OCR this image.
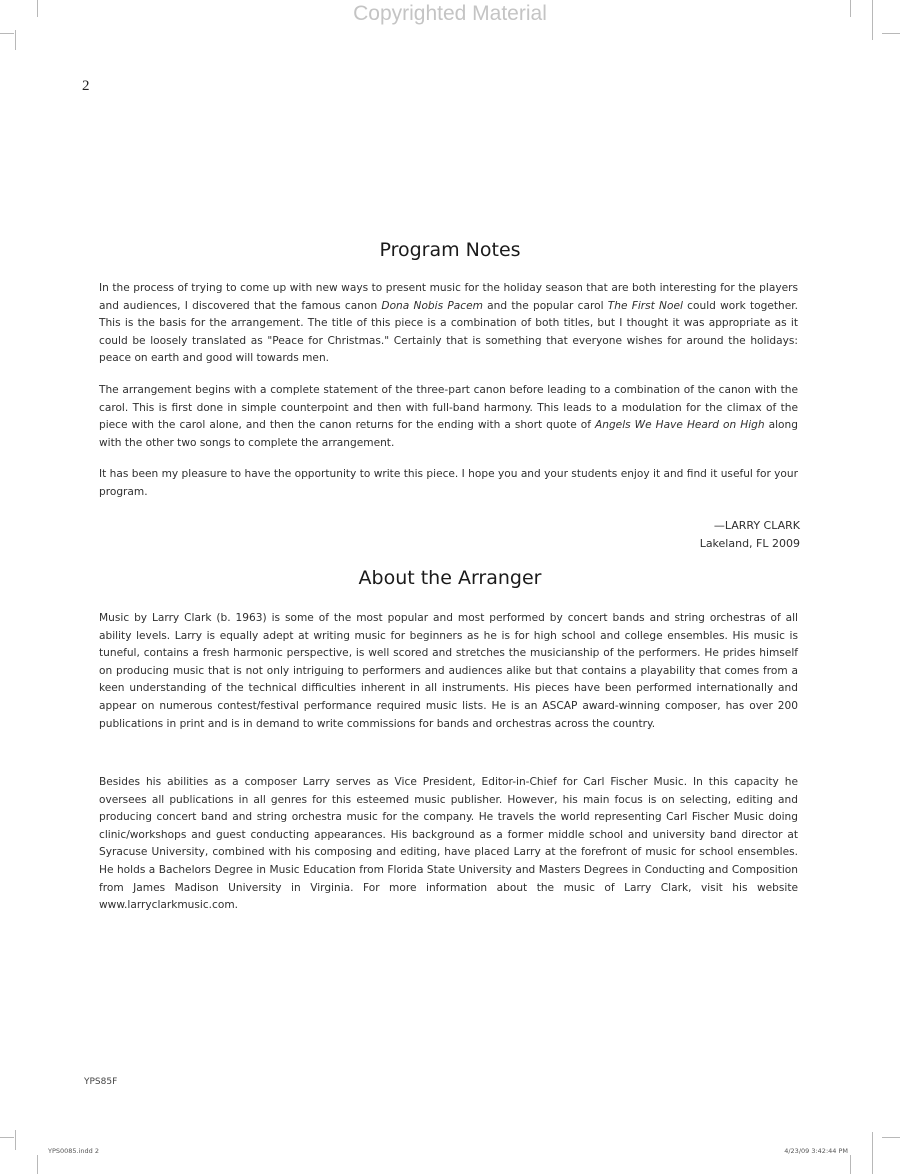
Copyrighted Material
2
Program Notes

In the process of trying to come up with new ways to present music for the holiday season that are both interesting for the players and audiences, I discovered that the famous canon Dona Nobis Pacem and the popular carol The First Noel could work together. This is the basis for the arrangement. The title of this piece is a combination of both titles, but I thought it was appropriate as it could be loosely translated as "Peace for Christmas." Certainly that is something that everyone wishes for around the holidays: peace on earth and good will towards men.

The arrangement begins with a complete statement of the three-part canon before leading to a combination of the canon with the carol. This is first done in simple counterpoint and then with full-band harmony. This leads to a modulation for the climax of the piece with the carol alone, and then the canon returns for the ending with a short quote of Angels We Have Heard on High along with the other two songs to complete the arrangement.

It has been my pleasure to have the opportunity to write this piece. I hope you and your students enjoy it and find it useful for your program.

—LARRY CLARK
Lakeland, FL 2009
About the Arranger

Music by Larry Clark (b. 1963) is some of the most popular and most performed by concert bands and string orchestras of all ability levels. Larry is equally adept at writing music for beginners as he is for high school and college ensembles. His music is tuneful, contains a fresh harmonic perspective, is well scored and stretches the musicianship of the performers. He prides himself on producing music that is not only intriguing to performers and audiences alike but that contains a playability that comes from a keen understanding of the technical difficulties inherent in all instruments. His pieces have been performed internationally and appear on numerous contest/festival performance required music lists. He is an ASCAP award-winning composer, has over 200 publications in print and is in demand to write commissions for bands and orchestras across the country.

Besides his abilities as a composer Larry serves as Vice President, Editor-in-Chief for Carl Fischer Music. In this capacity he oversees all publications in all genres for this esteemed music publisher. However, his main focus is on selecting, editing and producing concert band and string orchestra music for the company. He travels the world representing Carl Fischer Music doing clinic/workshops and guest conducting appearances. His background as a former middle school and university band director at Syracuse University, combined with his composing and editing, have placed Larry at the forefront of music for school ensembles. He holds a Bachelors Degree in Music Education from Florida State University and Masters Degrees in Conducting and Composition from James Madison University in Virginia. For more information about the music of Larry Clark, visit his website www.larryclarkmusic.com.

YPS85F
YPS0085.indd 2	4/23/09 3:42:44 PM
